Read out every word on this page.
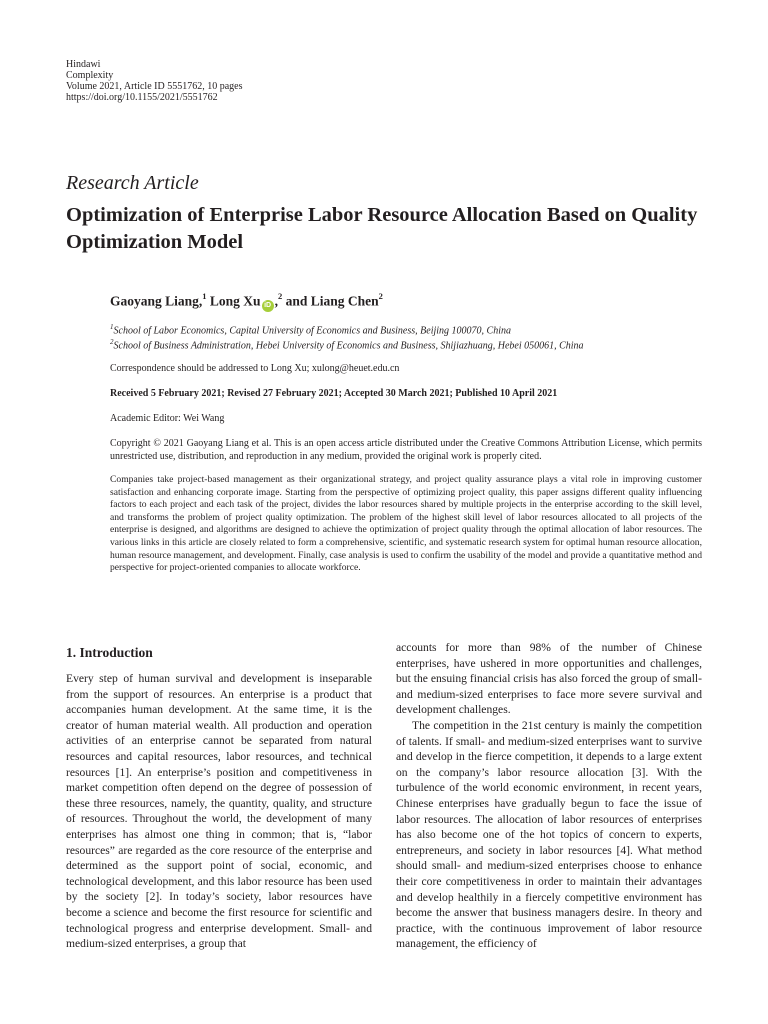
Hindawi
Complexity
Volume 2021, Article ID 5551762, 10 pages
https://doi.org/10.1155/2021/5551762
Research Article
Optimization of Enterprise Labor Resource Allocation Based on Quality Optimization Model
Gaoyang Liang,$^1$ Long Xu iD ,$^2$ and Liang Chen$^2$
$^1$School of Labor Economics, Capital University of Economics and Business, Beijing 100070, China
$^2$School of Business Administration, Hebei University of Economics and Business, Shijiazhuang, Hebei 050061, China
Correspondence should be addressed to Long Xu; xulong@heuet.edu.cn
Received 5 February 2021; Revised 27 February 2021; Accepted 30 March 2021; Published 10 April 2021
Academic Editor: Wei Wang
Copyright © 2021 Gaoyang Liang et al. This is an open access article distributed under the Creative Commons Attribution License, which permits unrestricted use, distribution, and reproduction in any medium, provided the original work is properly cited.
Companies take project-based management as their organizational strategy, and project quality assurance plays a vital role in improving customer satisfaction and enhancing corporate image. Starting from the perspective of optimizing project quality, this paper assigns different quality influencing factors to each project and each task of the project, divides the labor resources shared by multiple projects in the enterprise according to the skill level, and transforms the problem of project quality optimization. The problem of the highest skill level of labor resources allocated to all projects of the enterprise is designed, and algorithms are designed to achieve the optimization of project quality through the optimal allocation of labor resources. The various links in this article are closely related to form a comprehensive, scientific, and systematic research system for optimal human resource allocation, human resource management, and development. Finally, case analysis is used to confirm the usability of the model and provide a quantitative method and perspective for project-oriented companies to allocate workforce.
1. Introduction

Every step of human survival and development is inseparable from the support of resources. An enterprise is a product that accompanies human development. At the same time, it is the creator of human material wealth. All production and operation activities of an enterprise cannot be separated from natural resources and capital resources, labor resources, and technical resources [1]. An enterprise’s position and competitiveness in market competition often depend on the degree of possession of these three resources, namely, the quantity, quality, and structure of resources. Throughout the world, the development of many enterprises has almost one thing in common; that is, “labor resources” are regarded as the core resource of the enterprise and determined as the support point of social, economic, and technological development, and this labor resource has been used by the society [2]. In today’s society, labor resources have become a science and become the first resource for scientific and technological progress and enterprise development. Small- and medium-sized enterprises, a group that

accounts for more than 98% of the number of Chinese enterprises, have ushered in more opportunities and challenges, but the ensuing financial crisis has also forced the group of small- and medium-sized enterprises to face more severe survival and development challenges.

The competition in the 21st century is mainly the competition of talents. If small- and medium-sized enterprises want to survive and develop in the fierce competition, it depends to a large extent on the company’s labor resource allocation [3]. With the turbulence of the world economic environment, in recent years, Chinese enterprises have gradually begun to face the issue of labor resources. The allocation of labor resources of enterprises has also become one of the hot topics of concern to experts, entrepreneurs, and society in labor resources [4]. What method should small- and medium-sized enterprises choose to enhance their core competitiveness in order to maintain their advantages and develop healthily in a fiercely competitive environment has become the answer that business managers desire. In theory and practice, with the continuous improvement of labor resource management, the efficiency of
